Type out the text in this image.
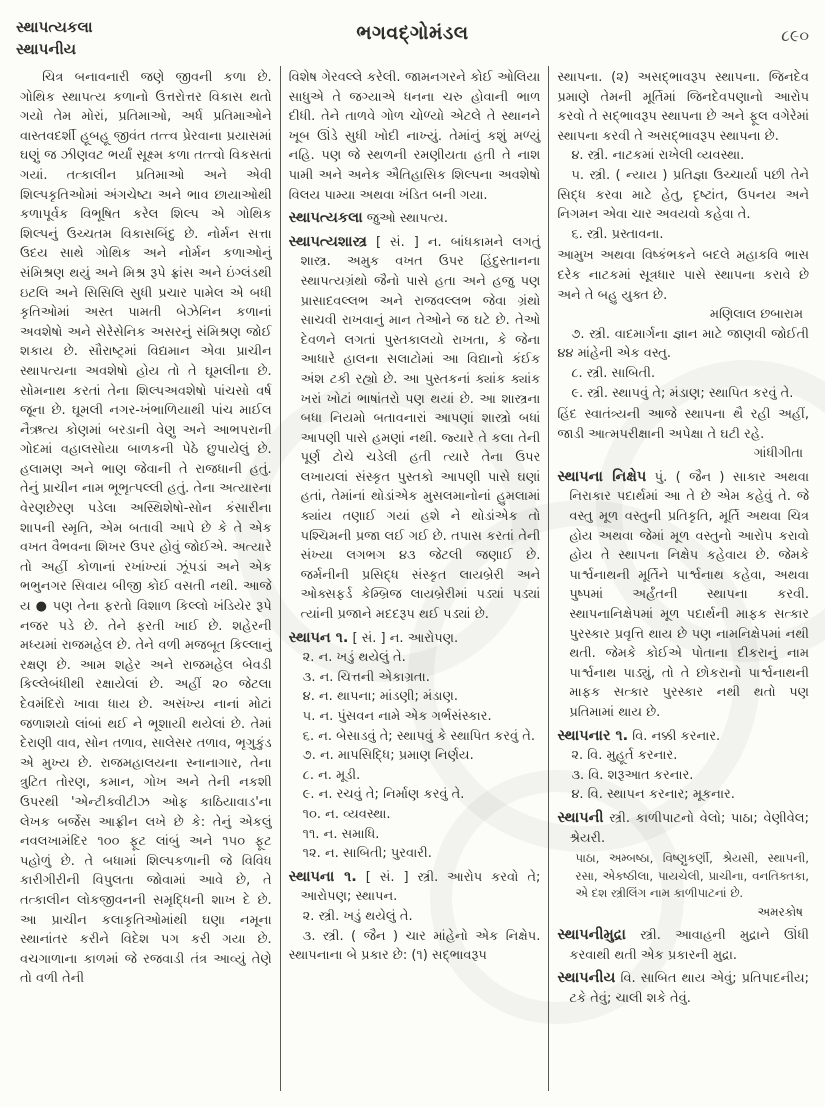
સ્થાપત્યકલા
સ્થાપનીય
ભગવદ્ગોમંડલ	૮૯૦
ચિત્ર બનાવનારી જણે જીવની કળા છે. ગોથિક સ્થાપત્ય કળાનો ઉત્તરોત્તર વિકાસ થતો ગયો તેમ મોરાં, પ્રતિમાઓ, અર્ધ પ્રતિમાઓને વાસ્તવદર્શી હૂબહૂ જીવંત તત્ત્વ પ્રેરવાના પ્રયાસમાં ઘણું જ ઝીણવટ ભર્યાં સૂક્ષ્મ કળા તત્ત્વો વિકસતાં ગયાં. તત્કાલીન પ્રતિમાઓ અને એવી શિલ્પકૃતિઓમાં અંગચેષ્ટા અને ભાવ છાયાઓથી કળાપૂર્વક વિભૂષિત કરેલ શિલ્પ એ ગોથિક શિલ્પનું ઉચ્ચતમ વિકાસબિંદુ છે. નોર્મન સત્તા ઉદય સાથે ગોથિક અને નોર્મન કળાઓનું સંમિશ્રણ થયું અને મિશ્ર રૂપે ફ્રાંસ અને ઇંગ્લંડથી ઇટલિ અને સિસિલિ સુધી પ્રચાર પામેલ એ બધી કૃતિઓમાં અસ્ત પામતી બેઝેનિન કળાનાં અવશેષો અને સેરેસેનિક અસરનું સંમિશ્રણ જોઈ શકાય છે. સૌરાષ્ટ્રમાં વિદ્યમાન એવા પ્રાચીન સ્થાપત્યના અવશેષો હોય તો તે ઘૂમલીના છે. સોમનાથ કરતાં તેના શિલ્પઅવશેષો પાંચસો વર્ષ જૂના છે. ઘૂમલી નગર-ખંભાળિયાથી પાંચ માઈલ નૈઋત્ય કોણમાં બરડાની વેણુ અને આભપરાની ગોદમાં વહાલસોયા બાળકની પેઠે છુપાયેલું છે. હલામણ અને ભાણ જેવાની તે રાજધાની હતું. તેનું પ્રાચીન નામ ભૂભૃત્પલ્લી હતું. તેના અત્યારના વેરણછેરણ પડેલા અસ્થિશેષો-સોન કંસારીના શાપની સ્મૃતિ, એમ બતાવી આપે છે કે તે એક વખત વૈભવના શિખર ઉપર હોવું જોઈએ. અત્યારે તો અહીં કોળાનાં રખાંખ્યાં ઝૂંપડાં અને એક ભભુનગર સિવાય બીજી કોઈ વસતી નથી. આજે ય ● પણ તેના ફરતો વિશાળ કિલ્લો ખંડિયેર રૂપે નજર પડે છે. તેને ફરતી ખાઈ છે. શહેરની મધ્યમાં રાજમહેલ છે. તેને વળી મજબૂત કિલ્લાનું રક્ષણ છે. આમ શહેર અને રાજમહેલ બેવડી કિલ્લેબંધીથી રક્ષાયેલાં છે. અહીં ૨૦ જેટલા દેવમંદિરો ખાવા ધાય છે. અસંખ્ય નાનાં મોટાં જળાશયો લાંબાં થઈ ને ભૂશાયી થયેલાં છે. તેમાં દેરાણી વાવ, સોન તળાવ, સાલેસર તળાવ, ભૃગુકુંડ એ મુખ્ય છે. રાજમહાલયના સ્નાનાગાર, તેના ત્રુટિત તોરણ, કમાન, ગોખ અને તેની નકશી ઉપરથી 'એન્ટીક્વીટીઝ ઓફ કાઠિયાવાડ'ના લેખક બર્જેસ આફ્રીન લખે છે કે: તેનું એકલું નવલખામંદિર ૧૦૦ ફૂટ લાંબું અને ૧૫૦ ફૂટ પહોળું છે. તે બધામાં શિલ્પકળાની જે વિવિધ કારીગીરીની વિપુલતા જોવામાં આવે છે, તે તત્કાલીન લોકજીવનની સમૃદ્ધિની શાખ દે છે. આ પ્રાચીન કલાકૃતિઓમાંથી ઘણા નમૂના સ્થાનાંતર કરીને વિદેશ પગ કરી ગયા છે. વચગાળાના કાળમાં જે રજવાડી તંત્ર આવ્યું તેણે તો વળી તેની
વિશેષ ગેરવલ્લે કરેલી. જામનગરને કોઈ ઓલિયા સાધુએ તે જગ્યાએ ધનના ચરુ હોવાની ભાળ દીધી. તેને તાળવે ગોળ ચોળ્યો એટલે તે સ્થાનને ખૂબ ઊંડે સુધી ખોદી નાખ્યું. તેમાંનું કશું મળ્યું નહિ. પણ જે સ્થળની રમણીયતા હતી તે નાશ પામી અને અનેક ઐતિહાસિક શિલ્પના અવશેષો વિલય પામ્યા અથવા ખંડિત બની ગયા.
સ્થાપત્યકલા જુઓ સ્થાપત્ય.
સ્થાપત્યશાસ્ત્ર [ સં. ] ન. બાંધકામને લગતું શાસ્ત્ર. અમુક વખત ઉપર હિંદુસ્તાનના સ્થાપત્યગ્રંથો જૈનો પાસે હતા અને હજુ પણ પ્રાસાદવલ્લભ અને રાજવલ્લભ જેવા ગ્રંથો સાચવી રાખવાનું માન તેઓને જ ઘટે છે. તેઓ દેવળને લગતાં પુસ્તકાલયો રાખતા, કે જેના આધારે હાલના સલાટોમાં આ વિદ્યાનો કંઈક અંશ ટકી રહ્યો છે. આ પુસ્તકનાં ક્યાંક ક્યાંક ખરાં ખોટાં ભાષાંતરો પણ થયાં છે. આ શાસ્ત્રના બધા નિયમો બતાવનારાં આપણાં શાસ્ત્રો બધાં આપણી પાસે હમણાં નથી. જ્યારે તે કલા તેની પૂર્ણ ટોચે ચડેલી હતી ત્યારે તેના ઉપર લખાયલાં સંસ્કૃત પુસ્તકો આપણી પાસે ઘણાં હતાં, તેમાંનાં થોડાંએક મુસલમાનોનાં હુમલામાં ક્યાંય તણાઈ ગયાં હશે ને થોડાંએક તો પશ્ચિમની પ્રજા લઈ ગઈ છે. તપાસ કરતાં તેની સંખ્યા લગભગ ૪૩ જેટલી જણાઈ છે. જર્મનીની પ્રસિદ્ધ સંસ્કૃત લાયબ્રેરી અને ઓક્સફર્ડ કેમ્બ્રિજ લાયબ્રેરીમાં પડ્યાં પડ્યાં ત્યાંની પ્રજાને મદદરૂપ થઈ પડ્યાં છે.
સ્થાપન ૧. [ સં. ] ન. આરોપણ.
૨. ન. ખડું થયેલું તે.
૩. ન. ચિત્તની એકાગ્રતા.
૪. ન. થાપના; માંડણી; મંડાણ.
૫. ન. પુંસવન નામે એક ગર્ભસંસ્કાર.
૬. ન. બેસાડવું તે; સ્થાપવું કે સ્થાપિત કરવું તે.
૭. ન. માપસિદ્ધિ; પ્રમાણ નિર્ણય.
૮. ન. મૂડી.
૯. ન. રચવું તે; નિર્માણ કરવું તે.
૧૦. ન. વ્યવસ્થા.
૧૧. ન. સમાધિ.
૧૨. ન. સાબિતી; પુરવારી.
સ્થાપના ૧. [ સં. ] સ્ત્રી. આરોપ કરવો તે; આરોપણ; સ્થાપન.
૨. સ્ત્રી. ખડું થયેલું તે.
૩. સ્ત્રી. ( જૈન ) ચાર માંહેનો એક નિક્ષેપ. સ્થાપનાના બે પ્રકાર છે: (૧) સદ્ભાવરૂપ
સ્થાપના. (૨) અસદ્ભાવરૂપ સ્થાપના. જિનદેવ પ્રમાણે તેમની મૂર્તિમાં જિનદેવપણાનો આરોપ કરવો તે સદ્ભાવરૂપ સ્થાપના છે અને ફૂલ વગેરેમાં સ્થાપના કરવી તે અસદ્ભાવરૂપ સ્થાપના છે.
૪. સ્ત્રી. નાટકમાં રાખેલી વ્યવસ્થા.
૫. સ્ત્રી. ( ન્યાય ) પ્રતિજ્ઞા ઉચ્ચાર્યા પછી તેને સિદ્ધ કરવા માટે હેતુ, દૃષ્ટાંત, ઉપનય અને નિગમન એવા ચાર અવયવો કહેવા તે.
૬. સ્ત્રી. પ્રસ્તાવના.
આમુખ અથવા વિષ્કંભકને બદલે મહાકવિ ભાસ દરેક નાટકમાં સૂત્રધાર પાસે સ્થાપના કરાવે છે અને તે બહુ યુક્ત છે.
મણિલાલ છબારામ
૭. સ્ત્રી. વાદમાર્ગના જ્ઞાન માટે જાણવી જોઈતી ૪૪ માંહેની એક વસ્તુ.
૮. સ્ત્રી. સાબિતી.
૯. સ્ત્રી. સ્થાપવું તે; મંડાણ; સ્થાપિત કરવું તે.
હિંદ સ્વાતંત્ર્યની આજે સ્થાપના થૈ રહી અહીં, જાડી આત્મપરીક્ષાની અપેક્ષા તે ઘટી રહે.
ગાંધીગીતા
સ્થાપના નિક્ષેપ પું. ( જૈન ) સાકાર અથવા નિરાકાર પદાર્થમાં આ તે છે એમ કહેવું તે. જે વસ્તુ મૂળ વસ્તુની પ્રતિકૃતિ, મૂર્તિ અથવા ચિત્ર હોય અથવા જેમાં મૂળ વસ્તુનો આરોપ કરાવો હોય તે સ્થાપના નિક્ષેપ કહેવાય છે. જેમકે પાર્શ્વનાથની મૂર્તિને પાર્શ્વનાથ કહેવા, અથવા પુષ્પમાં અર્હંતની સ્થાપના કરવી. સ્થાપનાનિક્ષેપમાં મૂળ પદાર્થની માફક સત્કાર પુરસ્કાર પ્રવૃત્તિ થાય છે પણ નામનિક્ષેપમાં નથી થતી. જેમકે કોઈએ પોતાના દીકરાનું નામ પાર્શ્વનાથ પાડ્યું, તો તે છોકરાનો પાર્શ્વનાથની માફક સત્કાર પુરસ્કાર નથી થતો પણ પ્રતિમામાં થાય છે.
સ્થાપનાર ૧. વિ. નક્કી કરનાર.
૨. વિ. મુહૂર્ત કરનાર.
૩. વિ. શરૂઆત કરનાર.
૪. વિ. સ્થાપન કરનાર; મૂકનાર.
સ્થાપની સ્ત્રી. કાળીપાટનો વેલો; પાઠા; વેણીવેલ; શ્રેયરી.
પાઠા, અમ્બષ્ઠા, વિષ્ણુકર્ણી, શ્રેયસી, સ્થાપની, રસા, એકષ્ઠીલા, પાયચેલી, પ્રાચીના, વનતિક્તકા, એ દશ સ્ત્રીલિંગ નામ કાળીપાટનાં છે.
અમરકોષ
સ્થાપનીમુદ્રા સ્ત્રી. આવાહની મુદ્રાને ઊંધી કરવાથી થતી એક પ્રકારની મુદ્રા.
સ્થાપનીય વિ. સાબિત થાય એવું; પ્રતિપાદનીય; ટકે તેવું; ચાલી શકે તેવું.
